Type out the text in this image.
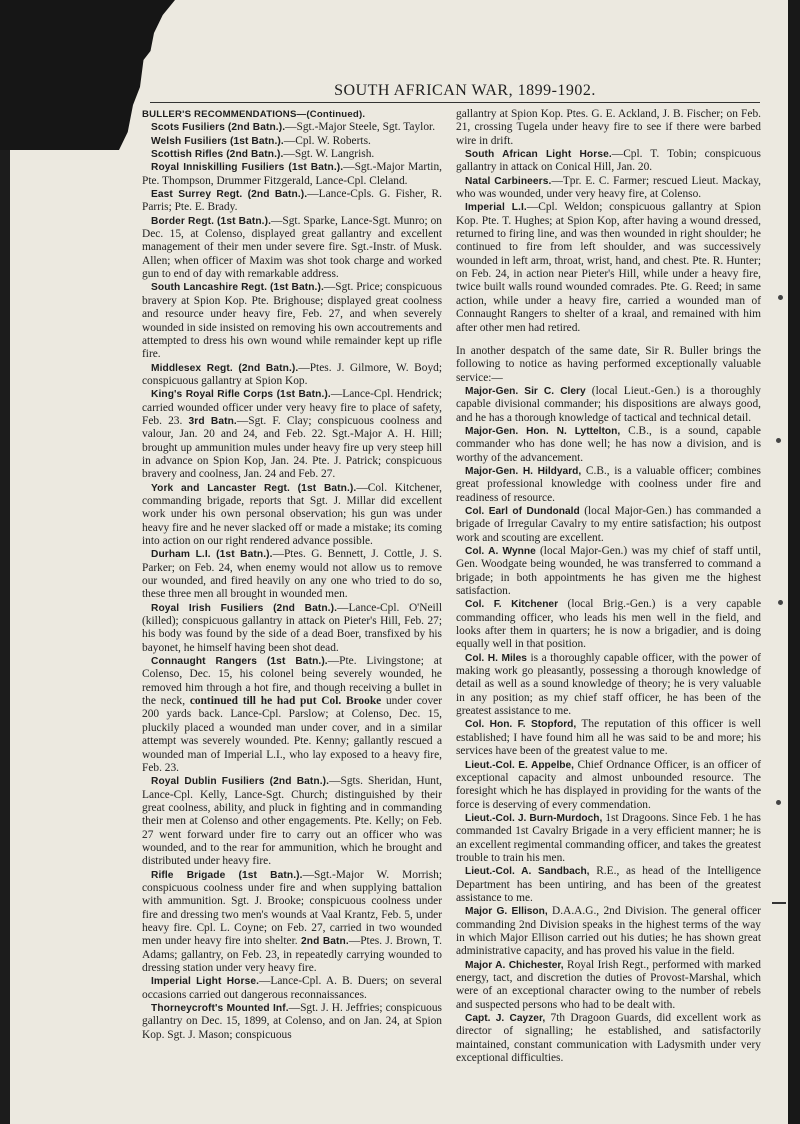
SOUTH AFRICAN WAR, 1899-1902.

BULLER'S RECOMMENDATIONS—(Continued).

Scots Fusiliers (2nd Batn.).—Sgt.-Major Steele, Sgt. Taylor.

Welsh Fusiliers (1st Batn.).—Cpl. W. Roberts.

Scottish Rifles (2nd Batn.).—Sgt. W. Langrish.

Royal Inniskilling Fusiliers (1st Batn.).—Sgt.-Major Martin, Pte. Thompson, Drummer Fitzgerald, Lance-Cpl. Cleland.

East Surrey Regt. (2nd Batn.).—Lance-Cpls. G. Fisher, R. Parris; Pte. E. Brady.

Border Regt. (1st Batn.).—Sgt. Sparke, Lance-Sgt. Munro; on Dec. 15, at Colenso, displayed great gallantry and excellent management of their men under severe fire. Sgt.-Instr. of Musk. Allen; when officer of Maxim was shot took charge and worked gun to end of day with remarkable address.

South Lancashire Regt. (1st Batn.).—Sgt. Price; conspicuous bravery at Spion Kop. Pte. Brighouse; displayed great coolness and resource under heavy fire, Feb. 27, and when severely wounded in side insisted on removing his own accoutrements and attempted to dress his own wound while remainder kept up rifle fire.

Middlesex Regt. (2nd Batn.).—Ptes. J. Gilmore, W. Boyd; conspicuous gallantry at Spion Kop.

King's Royal Rifle Corps (1st Batn.).—Lance-Cpl. Hendrick; carried wounded officer under very heavy fire to place of safety, Feb. 23. 3rd Batn.—Sgt. F. Clay; conspicuous coolness and valour, Jan. 20 and 24, and Feb. 22. Sgt.-Major A. H. Hill; brought up ammunition mules under heavy fire up very steep hill in advance on Spion Kop, Jan. 24. Pte. J. Patrick; conspicuous bravery and coolness, Jan. 24 and Feb. 27.

York and Lancaster Regt. (1st Batn.).—Col. Kitchener, commanding brigade, reports that Sgt. J. Millar did excellent work under his own personal observation; his gun was under heavy fire and he never slacked off or made a mistake; its coming into action on our right rendered advance possible.

Durham L.I. (1st Batn.).—Ptes. G. Bennett, J. Cottle, J. S. Parker; on Feb. 24, when enemy would not allow us to remove our wounded, and fired heavily on any one who tried to do so, these three men all brought in wounded men.

Royal Irish Fusiliers (2nd Batn.).—Lance-Cpl. O'Neill (killed); conspicuous gallantry in attack on Pieter's Hill, Feb. 27; his body was found by the side of a dead Boer, transfixed by his bayonet, he himself having been shot dead.

Connaught Rangers (1st Batn.).—Pte. Livingstone; at Colenso, Dec. 15, his colonel being severely wounded, he removed him through a hot fire, and though receiving a bullet in the neck, continued till he had put Col. Brooke under cover 200 yards back. Lance-Cpl. Parslow; at Colenso, Dec. 15, pluckily placed a wounded man under cover, and in a similar attempt was severely wounded. Pte. Kenny; gallantly rescued a wounded man of Imperial L.I., who lay exposed to a heavy fire, Feb. 23.

Royal Dublin Fusiliers (2nd Batn.).—Sgts. Sheridan, Hunt, Lance-Cpl. Kelly, Lance-Sgt. Church; distinguished by their great coolness, ability, and pluck in fighting and in commanding their men at Colenso and other engagements. Pte. Kelly; on Feb. 27 went forward under fire to carry out an officer who was wounded, and to the rear for ammunition, which he brought and distributed under heavy fire.

Rifle Brigade (1st Batn.).—Sgt.-Major W. Morrish; conspicuous coolness under fire and when supplying battalion with ammunition. Sgt. J. Brooke; conspicuous coolness under fire and dressing two men's wounds at Vaal Krantz, Feb. 5, under heavy fire. Cpl. L. Coyne; on Feb. 27, carried in two wounded men under heavy fire into shelter. 2nd Batn.—Ptes. J. Brown, T. Adams; gallantry, on Feb. 23, in repeatedly carrying wounded to dressing station under very heavy fire.

Imperial Light Horse.—Lance-Cpl. A. B. Duers; on several occasions carried out dangerous reconnaissances.

Thorneycroft's Mounted Inf.—Sgt. J. H. Jeffries; conspicuous gallantry on Dec. 15, 1899, at Colenso, and on Jan. 24, at Spion Kop. Sgt. J. Mason; conspicuous

gallantry at Spion Kop. Ptes. G. E. Ackland, J. B. Fischer; on Feb. 21, crossing Tugela under heavy fire to see if there were barbed wire in drift.

South African Light Horse.—Cpl. T. Tobin; conspicuous gallantry in attack on Conical Hill, Jan. 20.

Natal Carbineers.—Tpr. E. C. Farmer; rescued Lieut. Mackay, who was wounded, under very heavy fire, at Colenso.

Imperial L.I.—Cpl. Weldon; conspicuous gallantry at Spion Kop. Pte. T. Hughes; at Spion Kop, after having a wound dressed, returned to firing line, and was then wounded in right shoulder; he continued to fire from left shoulder, and was successively wounded in left arm, throat, wrist, hand, and chest. Pte. R. Hunter; on Feb. 24, in action near Pieter's Hill, while under a heavy fire, twice built walls round wounded comrades. Pte. G. Reed; in same action, while under a heavy fire, carried a wounded man of Connaught Rangers to shelter of a kraal, and remained with him after other men had retired.

In another despatch of the same date, Sir R. Buller brings the following to notice as having performed exceptionally valuable service:—

Major-Gen. Sir C. Clery (local Lieut.-Gen.) is a thoroughly capable divisional commander; his dispositions are always good, and he has a thorough knowledge of tactical and technical detail.

Major-Gen. Hon. N. Lyttelton, C.B., is a sound, capable commander who has done well; he has now a division, and is worthy of the advancement.

Major-Gen. H. Hildyard, C.B., is a valuable officer; combines great professional knowledge with coolness under fire and readiness of resource.

Col. Earl of Dundonald (local Major-Gen.) has commanded a brigade of Irregular Cavalry to my entire satisfaction; his outpost work and scouting are excellent.

Col. A. Wynne (local Major-Gen.) was my chief of staff until, Gen. Woodgate being wounded, he was transferred to command a brigade; in both appointments he has given me the highest satisfaction.

Col. F. Kitchener (local Brig.-Gen.) is a very capable commanding officer, who leads his men well in the field, and looks after them in quarters; he is now a brigadier, and is doing equally well in that position.

Col. H. Miles is a thoroughly capable officer, with the power of making work go pleasantly, possessing a thorough knowledge of detail as well as a sound knowledge of theory; he is very valuable in any position; as my chief staff officer, he has been of the greatest assistance to me.

Col. Hon. F. Stopford, The reputation of this officer is well established; I have found him all he was said to be and more; his services have been of the greatest value to me.

Lieut.-Col. E. Appelbe, Chief Ordnance Officer, is an officer of exceptional capacity and almost unbounded resource. The foresight which he has displayed in providing for the wants of the force is deserving of every commendation.

Lieut.-Col. J. Burn-Murdoch, 1st Dragoons. Since Feb. 1 he has commanded 1st Cavalry Brigade in a very efficient manner; he is an excellent regimental commanding officer, and takes the greatest trouble to train his men.

Lieut.-Col. A. Sandbach, R.E., as head of the Intelligence Department has been untiring, and has been of the greatest assistance to me.

Major G. Ellison, D.A.A.G., 2nd Division. The general officer commanding 2nd Division speaks in the highest terms of the way in which Major Ellison carried out his duties; he has shown great administrative capacity, and has proved his value in the field.

Major A. Chichester, Royal Irish Regt., performed with marked energy, tact, and discretion the duties of Provost-Marshal, which were of an exceptional character owing to the number of rebels and suspected persons who had to be dealt with.

Capt. J. Cayzer, 7th Dragoon Guards, did excellent work as director of signalling; he established, and satisfactorily maintained, constant communication with Ladysmith under very exceptional difficulties.
